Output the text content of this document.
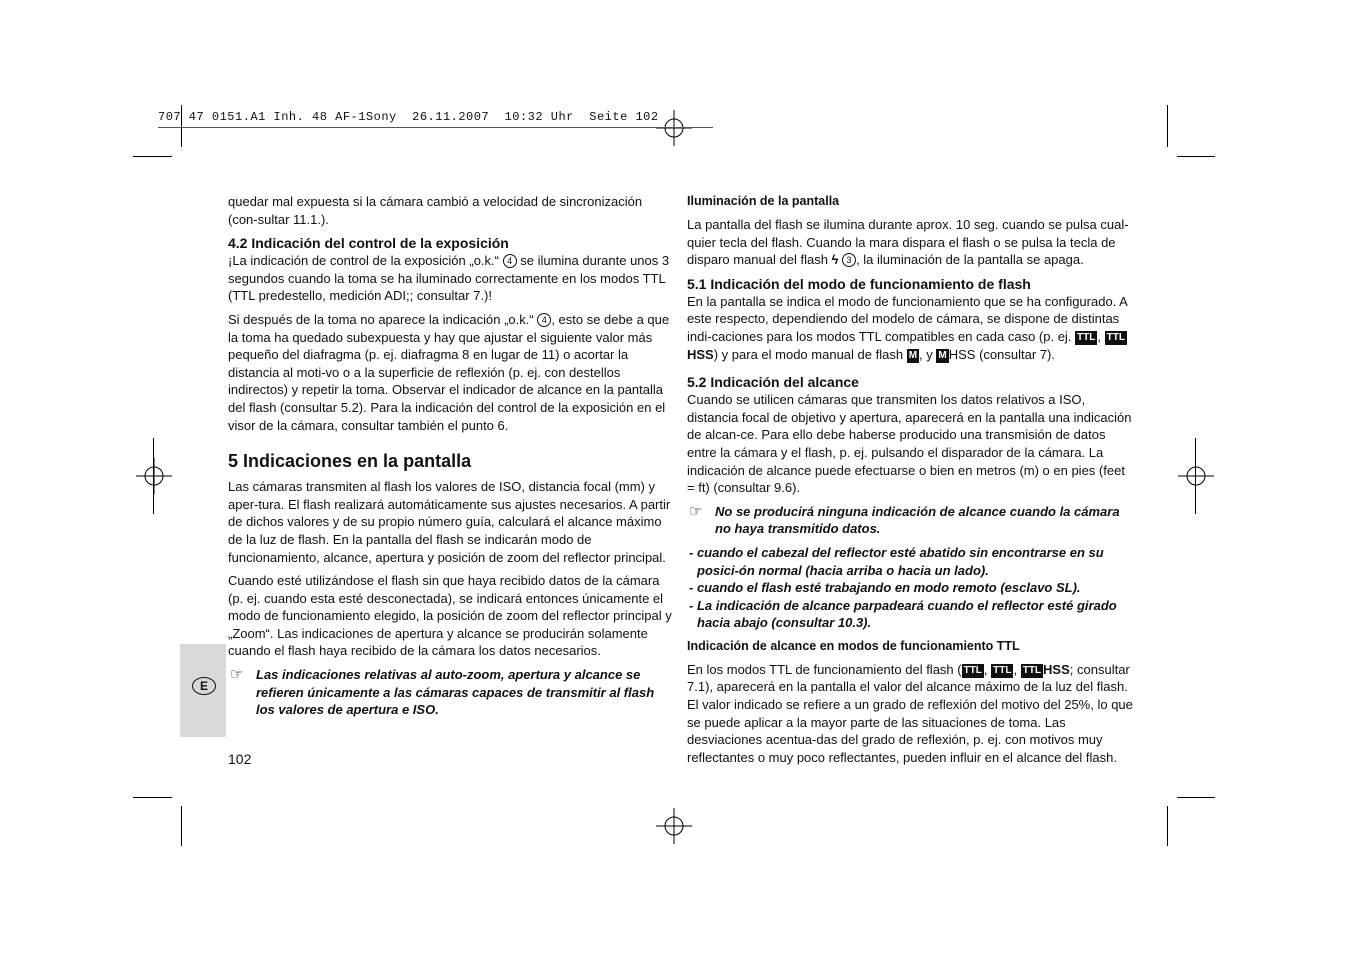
707 47 0151.A1 Inh. 48 AF-1Sony  26.11.2007  10:32 Uhr  Seite 102
E
102

quedar mal expuesta si la cámara cambió a velocidad de sincronización (con-sultar 11.1.).

4.2 Indicación del control de la exposición

¡La indicación de control de la exposición „o.k.“ 4 se ilumina durante unos 3 segundos cuando la toma se ha iluminado correctamente en los modos TTL (TTL predestello, medición ADI;; consultar 7.)!

Si después de la toma no aparece la indicación „o.k.“ 4 , esto se debe a que la toma ha quedado subexpuesta y hay que ajustar el siguiente valor más pequeño del diafragma (p. ej. diafragma 8 en lugar de 11) o acortar la distancia al moti-vo o a la superficie de reflexión (p. ej. con destellos indirectos) y repetir la toma. Observar el indicador de alcance en la pantalla del flash (consultar 5.2). Para la indicación del control de la exposición en el visor de la cámara, consultar también el punto 6.

5 Indicaciones en la pantalla

Las cámaras transmiten al flash los valores de ISO, distancia focal (mm) y aper-tura. El flash realizará automáticamente sus ajustes necesarios. A partir de dichos valores y de su propio número guía, calculará el alcance máximo de la luz de flash. En la pantalla del flash se indicarán modo de funcionamiento, alcance, apertura y posición de zoom del reflector principal.

Cuando esté utilizándose el flash sin que haya recibido datos de la cámara (p. ej. cuando esta esté desconectada), se indicará entonces únicamente el modo de funcionamiento elegido, la posición de zoom del reflector principal y „Zoom“. Las indicaciones de apertura y alcance se producirán solamente cuando el flash haya recibido de la cámara los datos necesarios.

☞ Las indicaciones relativas al auto-zoom, apertura y alcance se refieren únicamente a las cámaras capaces de transmitir al flash los valores de apertura e ISO.

Iluminación de la pantalla

La pantalla del flash se ilumina durante aprox. 10 seg. cuando se pulsa cual-quier tecla del flash. Cuando la mara dispara el flash o se pulsa la tecla de disparo manual del flash ϟ 3 , la iluminación de la pantalla se apaga.

5.1 Indicación del modo de funcionamiento de flash

En la pantalla se indica el modo de funcionamiento que se ha configurado. A este respecto, dependiendo del modelo de cámara, se dispone de distintas indi-caciones para los modos TTL compatibles en cada caso (p. ej. TTL , TTLHSS) y para el modo manual de flash M , y M HSS (consultar 7).

5.2 Indicación del alcance

Cuando se utilicen cámaras que transmiten los datos relativos a ISO, distancia focal de objetivo y apertura, aparecerá en la pantalla una indicación de alcan-ce. Para ello debe haberse producido una transmisión de datos entre la cámara y el flash, p. ej. pulsando el disparador de la cámara. La indicación de alcance puede efectuarse o bien en metros (m) o en pies (feet = ft) (consultar 9.6).

☞ No se producirá ninguna indicación de alcance cuando la cámara no haya transmitido datos.

- cuando el cabezal del reflector esté abatido sin encontrarse en su posici-ón normal (hacia arriba o hacia un lado).

- cuando el flash esté trabajando en modo remoto (esclavo SL).

- La indicación de alcance parpadeará cuando el reflector esté girado hacia abajo (consultar 10.3).

Indicación de alcance en modos de funcionamiento TTL

En los modos TTL de funcionamiento del flash ( TTL , TTL , TTL HSS; consultar 7.1), aparecerá en la pantalla el valor del alcance máximo de la luz del flash. El valor indicado se refiere a un grado de reflexión del motivo del 25%, lo que se puede aplicar a la mayor parte de las situaciones de toma. Las desviaciones acentua-das del grado de reflexión, p. ej. con motivos muy reflectantes o muy poco reflectantes, pueden influir en el alcance del flash.
